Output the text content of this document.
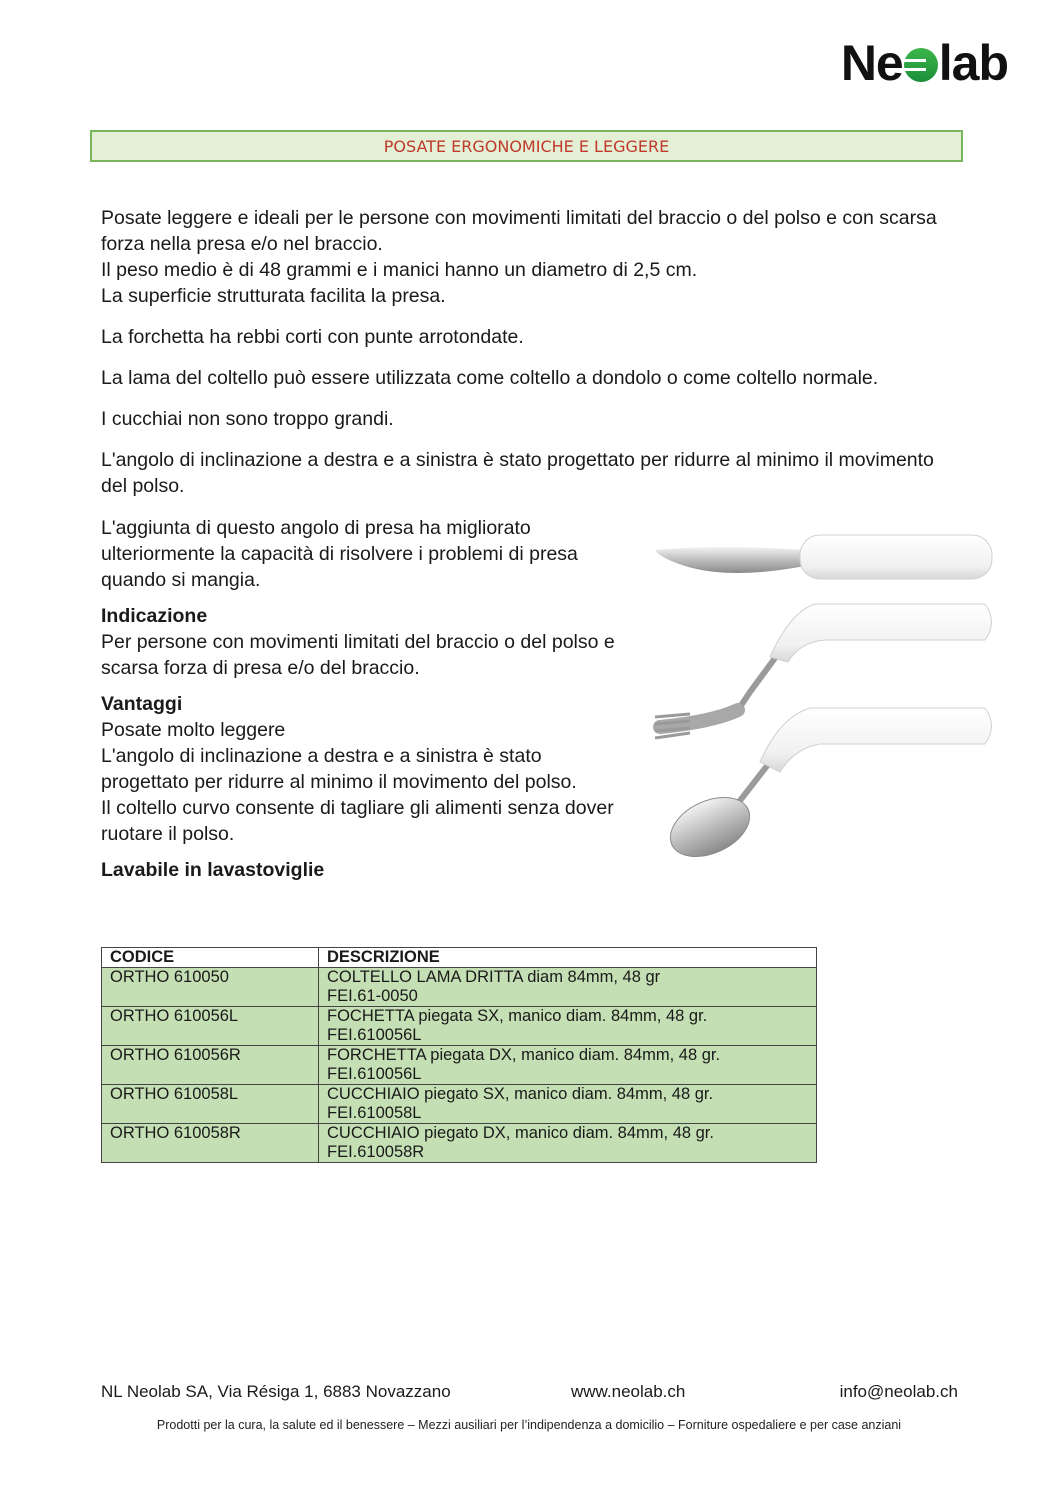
Ne lab
POSATE ERGONOMICHE E LEGGERE

Posate leggere e ideali per le persone con movimenti limitati del braccio o del polso e con scarsa forza nella presa e/o nel braccio.
Il peso medio è di 48 grammi e i manici hanno un diametro di 2,5 cm.
La superficie strutturata facilita la presa.

La forchetta ha rebbi corti con punte arrotondate.

La lama del coltello può essere utilizzata come coltello a dondolo o come coltello normale.

I cucchiai non sono troppo grandi.

L'angolo di inclinazione a destra e a sinistra è stato progettato per ridurre al minimo il movimento del polso.

L'aggiunta di questo angolo di presa ha migliorato ulteriormente la capacità di risolvere i problemi di presa quando si mangia.

Indicazione
Per persone con movimenti limitati del braccio o del polso e scarsa forza di presa e/o del braccio.

Vantaggi
Posate molto leggere
L'angolo di inclinazione a destra e a sinistra è stato progettato per ridurre al minimo il movimento del polso.
Il coltello curvo consente di tagliare gli alimenti senza dover ruotare il polso.

Lavabile in lavastoviglie

CODICE	DESCRIZIONE
ORTHO 610050	COLTELLO LAMA DRITTA diam 84mm, 48 gr
FEI.61-0050
ORTHO 610056L	FOCHETTA piegata SX, manico diam. 84mm, 48 gr.
FEI.610056L
ORTHO 610056R	FORCHETTA piegata DX, manico diam. 84mm, 48 gr.
FEI.610056L
ORTHO 610058L	CUCCHIAIO piegato SX, manico diam. 84mm, 48 gr.
FEI.610058L
ORTHO 610058R	CUCCHIAIO piegato DX, manico diam. 84mm, 48 gr.
FEI.610058R
NL Neolab SA, Via Résiga 1, 6883 Novazzano	www.neolab.ch	info@neolab.ch
Prodotti per la cura, la salute ed il benessere – Mezzi ausiliari per l’indipendenza a domicilio – Forniture ospedaliere e per case anziani
